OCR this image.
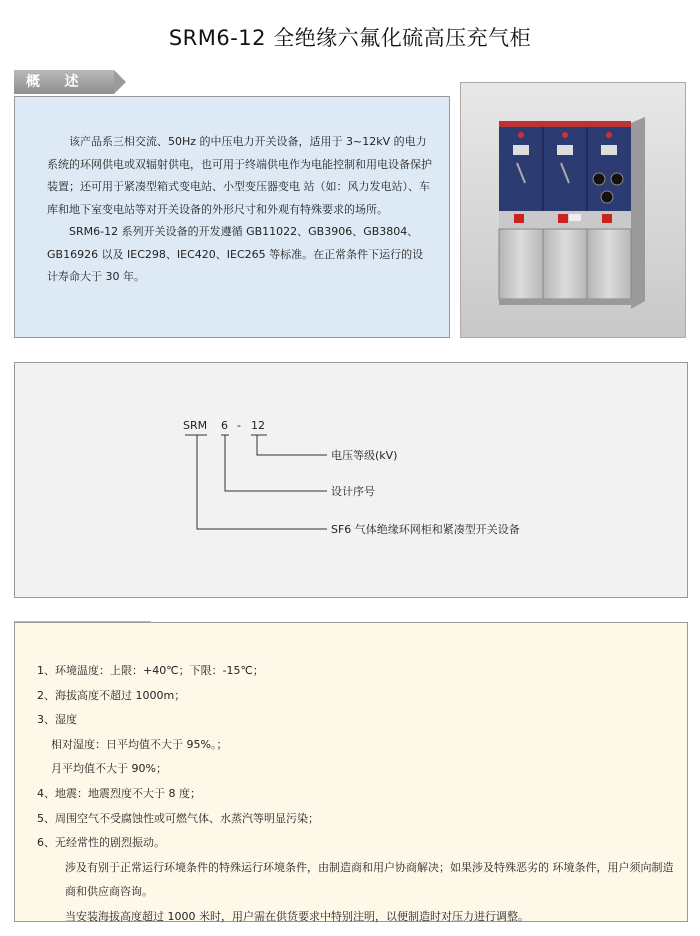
SRM6-12 全绝缘六氟化硫高压充气柜
概    述

该产品系三相交流、50Hz 的中压电力开关设备，适用于 3~12kV 的电力系统的环网供电或双辐射供电，也可用于终端供电作为电能控制和用电设备保护装置；还可用于紧凑型箱式变电站、小型变压器变电 站（如：风力发电站）、车库和地下室变电站等对开关设备的外形尺寸和外观有特殊要求的场所。

SRM6-12 系列开关设备的开发遵循 GB11022、GB3906、GB3804、GB16926 以及 IEC298、IEC420、IEC265 等标准。在正常条件下运行的设计寿命大于 30 年。

SRM 6 - 12
电压等级(kV)
设计序号
SF6 气体绝缘环网柜和紧凑型开关设备
1、环境温度：上限：+40℃；下限：-15℃；
2、海拔高度不超过 1000m；
3、湿度
相对湿度：日平均值不大于 95%。；
月平均值不大于 90%；
4、地震：地震烈度不大于 8 度；
5、周围空气不受腐蚀性或可燃气体、水蒸汽等明显污染；
6、无经常性的剧烈振动。
涉及有别于正常运行环境条件的特殊运行环境条件，由制造商和用户协商解决；如果涉及特殊恶劣的 环境条件，用户须向制造商和供应商咨询。
当安装海拔高度超过 1000 米时，用户需在供货要求中特别注明，以便制造时对压力进行调整。
